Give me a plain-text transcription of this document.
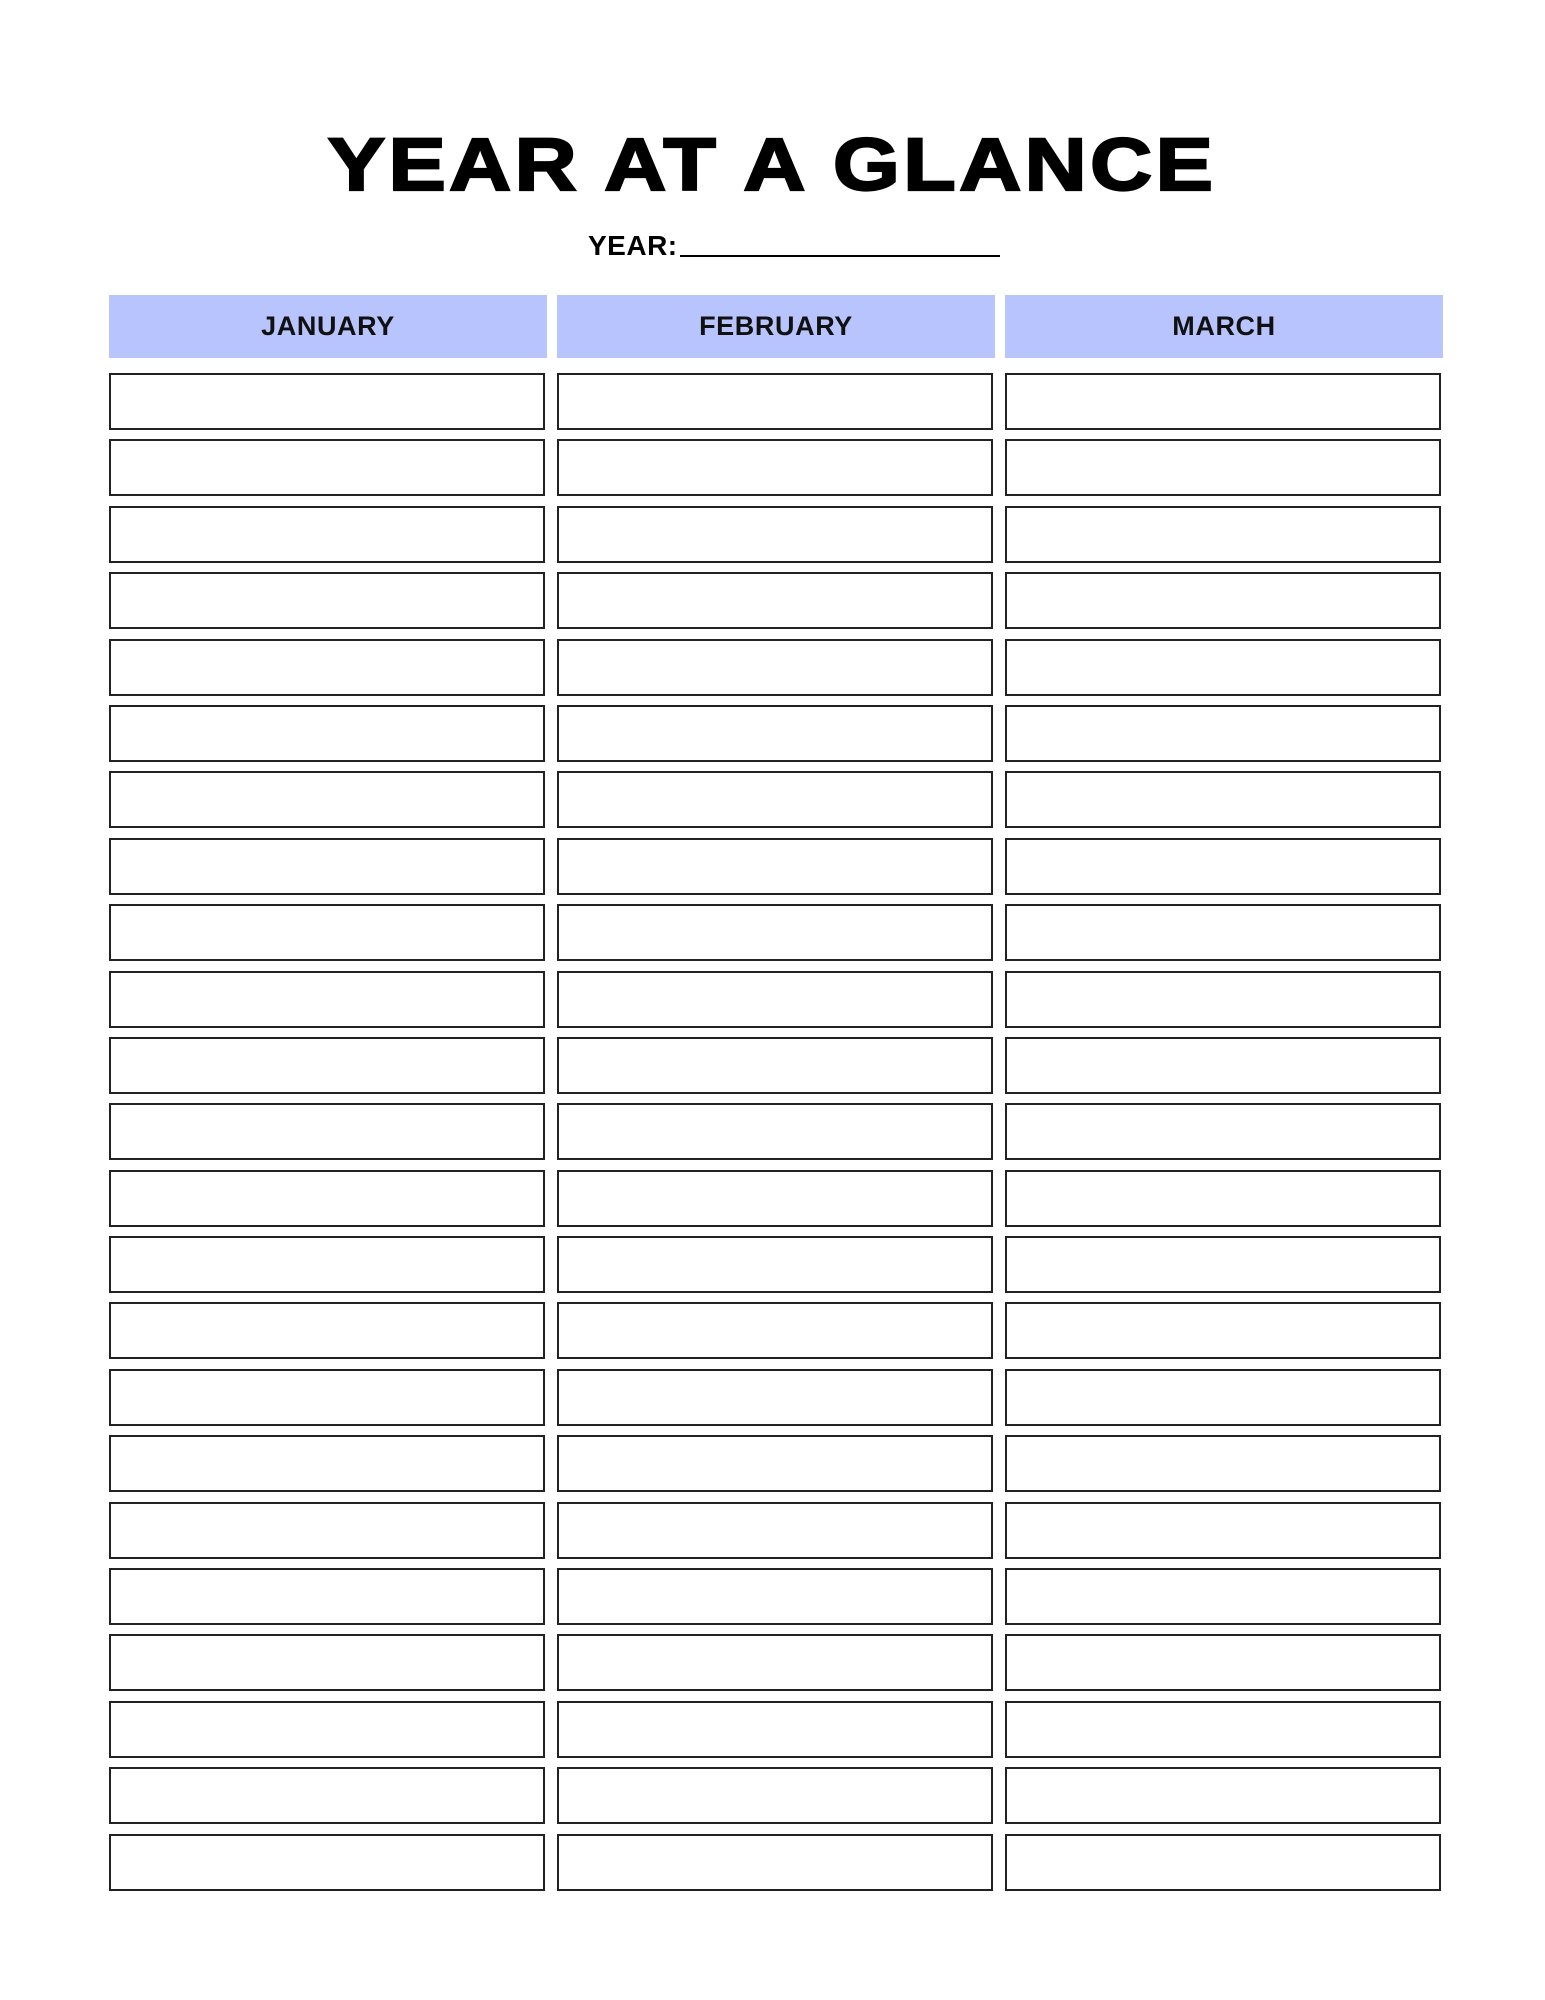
YEAR AT A GLANCE
YEAR:
JANUARY	FEBRUARY	MARCH
